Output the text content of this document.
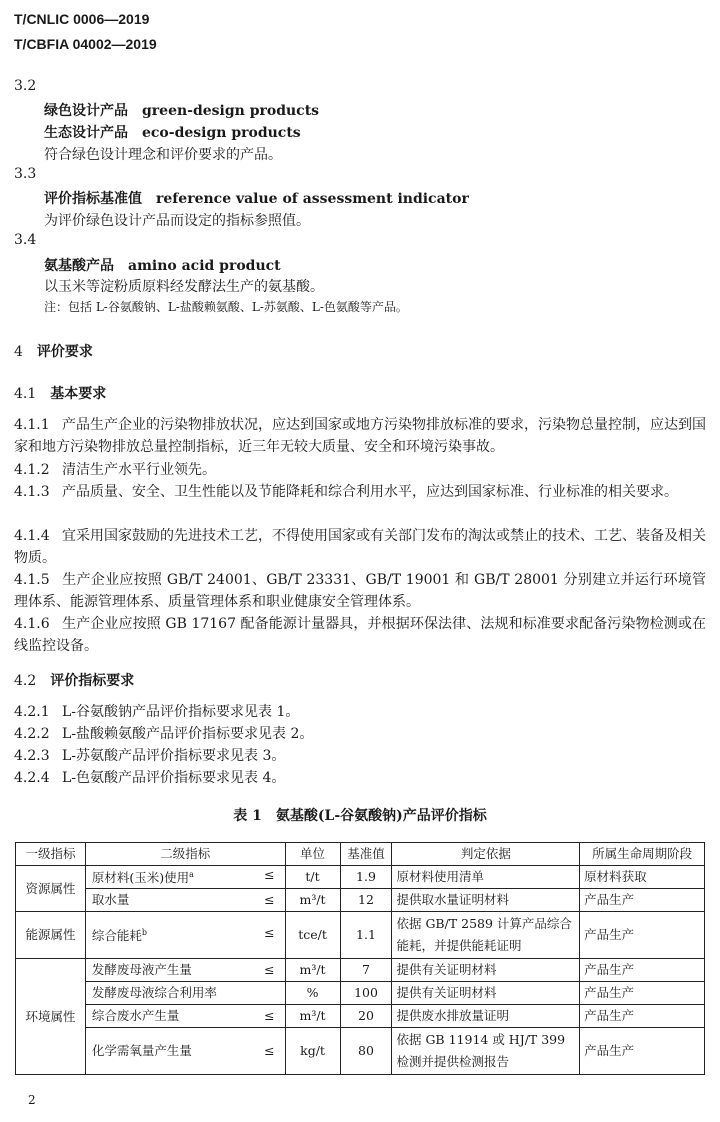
T/CNLIC 0006—2019
T/CBFIA 04002—2019
3.2
绿色设计产品 green-design products
生态设计产品 eco-design products
符合绿色设计理念和评价要求的产品。
3.3
评价指标基准值 reference value of assessment indicator
为评价绿色设计产品而设定的指标参照值。
3.4
氨基酸产品 amino acid product
以玉米等淀粉质原料经发酵法生产的氨基酸。
注：包括 L-谷氨酸钠、L-盐酸赖氨酸、L-苏氨酸、L-色氨酸等产品。
4 评价要求
4.1 基本要求
4.1.1 产品生产企业的污染物排放状况，应达到国家或地方污染物排放标准的要求，污染物总量控制，应达到国家和地方污染物排放总量控制指标，近三年无较大质量、安全和环境污染事故。
4.1.2 清洁生产水平行业领先。
4.1.3 产品质量、安全、卫生性能以及节能降耗和综合利用水平，应达到国家标准、行业标准的相关要求。
4.1.4 宜采用国家鼓励的先进技术工艺，不得使用国家或有关部门发布的淘汰或禁止的技术、工艺、装备及相关物质。
4.1.5 生产企业应按照 GB/T 24001、GB/T 23331、GB/T 19001 和 GB/T 28001 分别建立并运行环境管理体系、能源管理体系、质量管理体系和职业健康安全管理体系。
4.1.6 生产企业应按照 GB 17167 配备能源计量器具，并根据环保法律、法规和标准要求配备污染物检测或在线监控设备。
4.2 评价指标要求
4.2.1 L-谷氨酸钠产品评价指标要求见表 1。
4.2.2 L-盐酸赖氨酸产品评价指标要求见表 2。
4.2.3 L-苏氨酸产品评价指标要求见表 3。
4.2.4 L-色氨酸产品评价指标要求见表 4。
表 1　氨基酸(L-谷氨酸钠)产品评价指标
一级指标	二级指标	单位	基准值	判定依据	所属生命周期阶段
资源属性	原材料(玉米)使用$^a$ ≤	t/t	1.9	原材料使用清单	原材料获取

	取水量 ≤	m³/t	12	提供取水量证明材料	产品生产
能源属性	综合能耗$^b$ ≤	tce/t	1.1	依据 GB/T 2589 计算产品综合能耗，并提供能耗证明	产品生产
环境属性	发酵废母液产生量 ≤	m³/t	7	提供有关证明材料	产品生产

	发酵废母液综合利用率	%	100	提供有关证明材料	产品生产

	综合废水产生量 ≤	m³/t	20	提供废水排放量证明	产品生产

	化学需氧量产生量 ≤	kg/t	80	依据 GB 11914 或 HJ/T 399 检测并提供检测报告	产品生产
2
